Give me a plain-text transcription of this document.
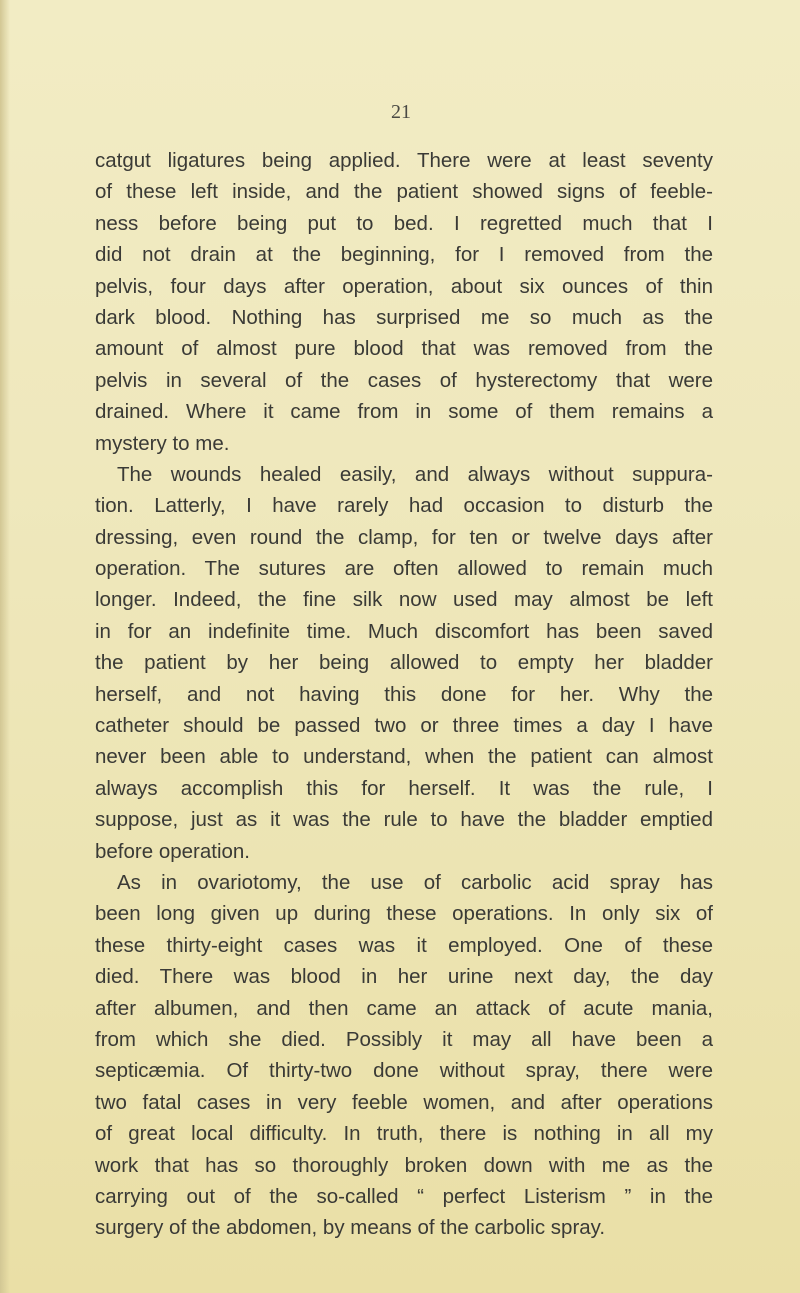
21
catgut ligatures being applied. There were at least seventy
of these left inside, and the patient showed signs of feeble-
ness before being put to bed. I regretted much that I
did not drain at the beginning, for I removed from the
pelvis, four days after operation, about six ounces of thin
dark blood. Nothing has surprised me so much as the
amount of almost pure blood that was removed from the
pelvis in several of the cases of hysterectomy that were
drained. Where it came from in some of them remains a
mystery to me.
The wounds healed easily, and always without suppura-
tion. Latterly, I have rarely had occasion to disturb the
dressing, even round the clamp, for ten or twelve days after
operation. The sutures are often allowed to remain much
longer. Indeed, the fine silk now used may almost be left
in for an indefinite time. Much discomfort has been saved
the patient by her being allowed to empty her bladder
herself, and not having this done for her. Why the
catheter should be passed two or three times a day I have
never been able to understand, when the patient can almost
always accomplish this for herself. It was the rule, I
suppose, just as it was the rule to have the bladder emptied
before operation.
As in ovariotomy, the use of carbolic acid spray has
been long given up during these operations. In only six of
these thirty-eight cases was it employed. One of these
died. There was blood in her urine next day, the day
after albumen, and then came an attack of acute mania,
from which she died. Possibly it may all have been a
septicæmia. Of thirty-two done without spray, there were
two fatal cases in very feeble women, and after operations
of great local difficulty. In truth, there is nothing in all my
work that has so thoroughly broken down with me as the
carrying out of the so-called “ perfect Listerism ” in the
surgery of the abdomen, by means of the carbolic spray.
